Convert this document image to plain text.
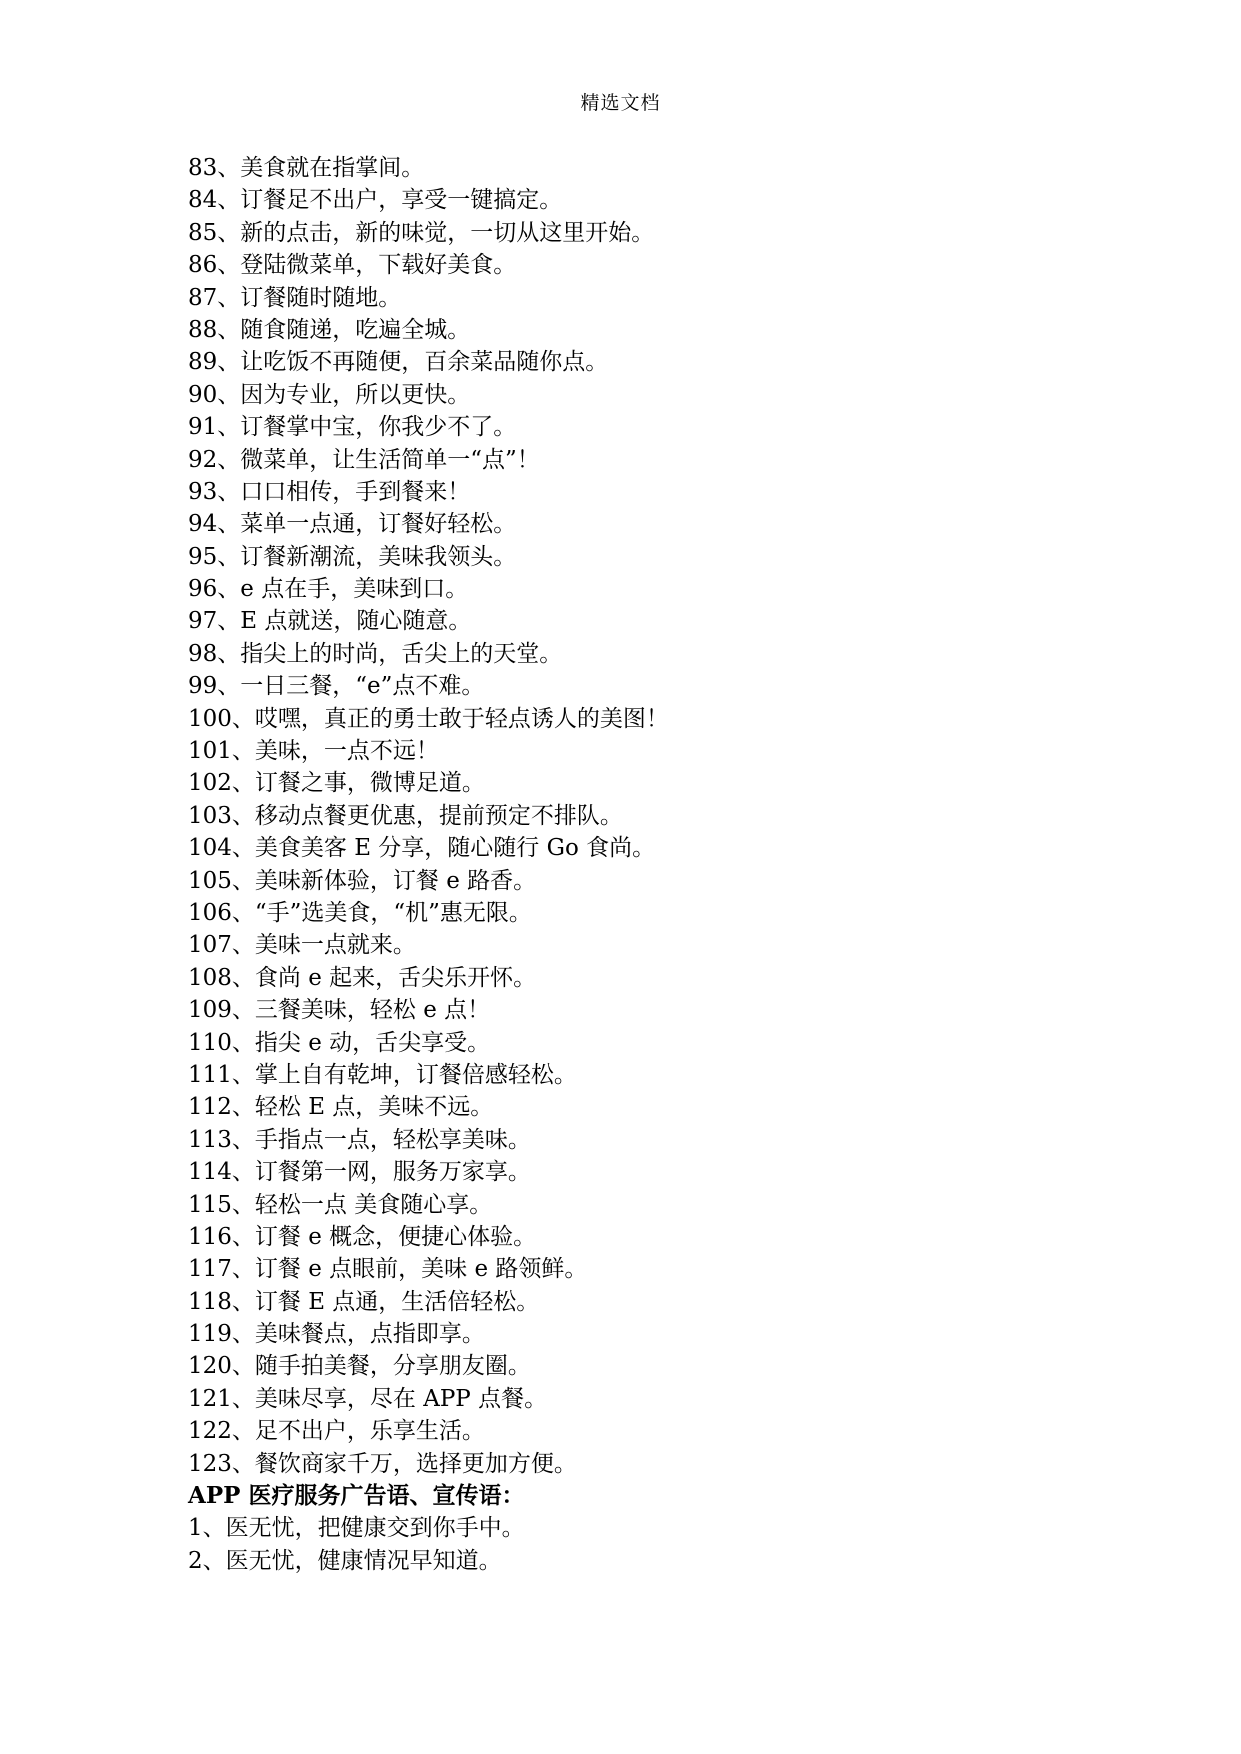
精选文档
83、美食就在指掌间。
84、订餐足不出户，享受一键搞定。
85、新的点击，新的味觉，一切从这里开始。
86、登陆微菜单，下载好美食。
87、订餐随时随地。
88、随食随递，吃遍全城。
89、让吃饭不再随便，百余菜品随你点。
90、因为专业，所以更快。
91、订餐掌中宝，你我少不了。
92、微菜单，让生活简单一“点”！
93、口口相传，手到餐来！
94、菜单一点通，订餐好轻松。
95、订餐新潮流，美味我领头。
96、e 点在手，美味到口。
97、E 点就送，随心随意。
98、指尖上的时尚，舌尖上的天堂。
99、一日三餐，“e”点不难。
100、哎嘿，真正的勇士敢于轻点诱人的美图！
101、美味，一点不远！
102、订餐之事，微博足道。
103、移动点餐更优惠，提前预定不排队。
104、美食美客 E 分享，随心随行 Go 食尚。
105、美味新体验，订餐 e 路香。
106、“手”选美食，“机”惠无限。
107、美味一点就来。
108、食尚 e 起来，舌尖乐开怀。
109、三餐美味，轻松 e 点！
110、指尖 e 动，舌尖享受。
111、掌上自有乾坤，订餐倍感轻松。
112、轻松 E 点，美味不远。
113、手指点一点，轻松享美味。
114、订餐第一网，服务万家享。
115、轻松一点 美食随心享。
116、订餐 e 概念，便捷心体验。
117、订餐 e 点眼前，美味 e 路领鲜。
118、订餐 E 点通，生活倍轻松。
119、美味餐点，点指即享。
120、随手拍美餐，分享朋友圈。
121、美味尽享，尽在 APP 点餐。
122、足不出户，乐享生活。
123、餐饮商家千万，选择更加方便。
APP 医疗服务广告语、宣传语：
1、医无忧，把健康交到你手中。
2、医无忧，健康情况早知道。
